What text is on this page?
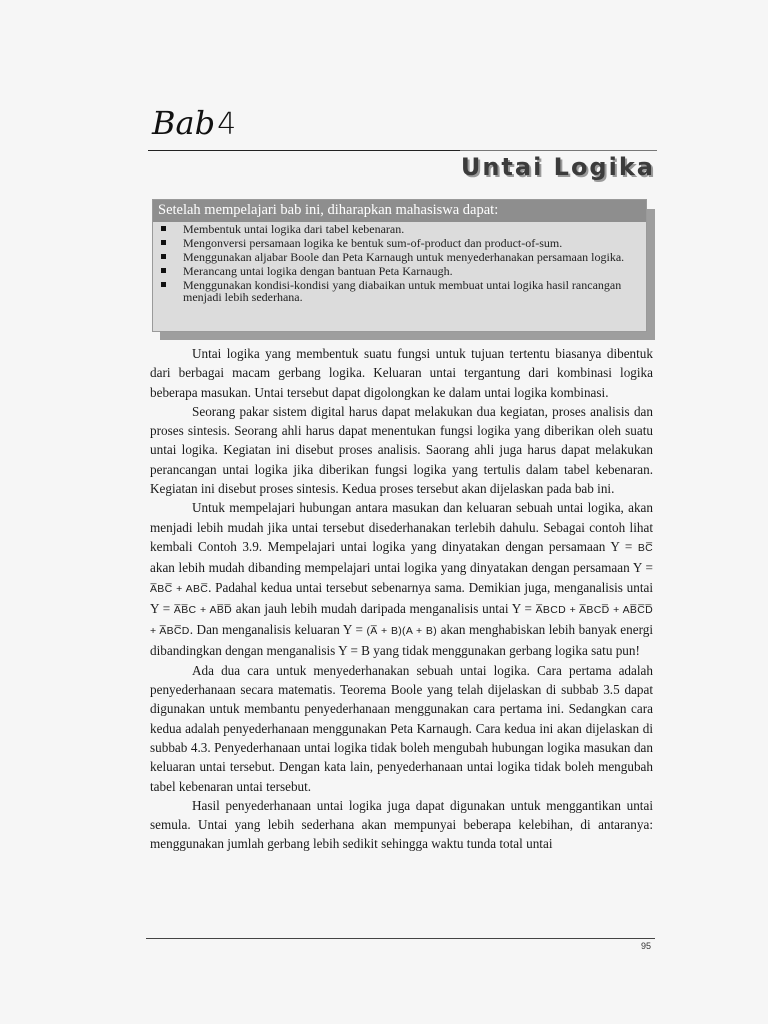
Bab4
Untai Logika
Setelah mempelajari bab ini, diharapkan mahasiswa dapat:
Membentuk untai logika dari tabel kebenaran.
Mengonversi persamaan logika ke bentuk sum-of-product dan product-of-sum.
Menggunakan aljabar Boole dan Peta Karnaugh untuk menyederhanakan persamaan logika.
Merancang untai logika dengan bantuan Peta Karnaugh.
Menggunakan kondisi-kondisi yang diabaikan untuk membuat untai logika hasil rancangan menjadi lebih sederhana.

Untai logika yang membentuk suatu fungsi untuk tujuan tertentu biasanya dibentuk dari berbagai macam gerbang logika. Keluaran untai tergantung dari kombinasi logika beberapa masukan. Untai tersebut dapat digolongkan ke dalam untai logika kombinasi.

Seorang pakar sistem digital harus dapat melakukan dua kegiatan, proses analisis dan proses sintesis. Seorang ahli harus dapat menentukan fungsi logika yang diberikan oleh suatu untai logika. Kegiatan ini disebut proses analisis. Saorang ahli juga harus dapat melakukan perancangan untai logika jika diberikan fungsi logika yang tertulis dalam tabel kebenaran. Kegiatan ini disebut proses sintesis. Kedua proses tersebut akan dijelaskan pada bab ini.

Untuk mempelajari hubungan antara masukan dan keluaran sebuah untai logika, akan menjadi lebih mudah jika untai tersebut disederhanakan terlebih dahulu. Sebagai contoh lihat kembali Contoh 3.9. Mempelajari untai logika yang dinyatakan dengan persamaan Y = BC̅ akan lebih mudah dibanding mempelajari untai logika yang dinyatakan dengan persamaan Y = A̅BC̅ + ABC̅. Padahal kedua untai tersebut sebenarnya sama. Demikian juga, menganalisis untai Y = A̅B̅C + AB̅D̅ akan jauh lebih mudah daripada menganalisis untai Y = A̅BCD + A̅BCD̅ + AB̅C̅D̅ + A̅BC̅D. Dan menganalisis keluaran Y = (A̅ + B)(A + B) akan menghabiskan lebih banyak energi dibandingkan dengan menganalisis Y = B yang tidak menggunakan gerbang logika satu pun!

Ada dua cara untuk menyederhanakan sebuah untai logika. Cara pertama adalah penyederhanaan secara matematis. Teorema Boole yang telah dijelaskan di subbab 3.5 dapat digunakan untuk membantu penyederhanaan menggunakan cara pertama ini. Sedangkan cara kedua adalah penyederhanaan menggunakan Peta Karnaugh. Cara kedua ini akan dijelaskan di subbab 4.3. Penyederhanaan untai logika tidak boleh mengubah hubungan logika masukan dan keluaran untai tersebut. Dengan kata lain, penyederhanaan untai logika tidak boleh mengubah tabel kebenaran untai tersebut.

Hasil penyederhanaan untai logika juga dapat digunakan untuk menggantikan untai semula. Untai yang lebih sederhana akan mempunyai beberapa kelebihan, di antaranya: menggunakan jumlah gerbang lebih sedikit sehingga waktu tunda total untai

95
